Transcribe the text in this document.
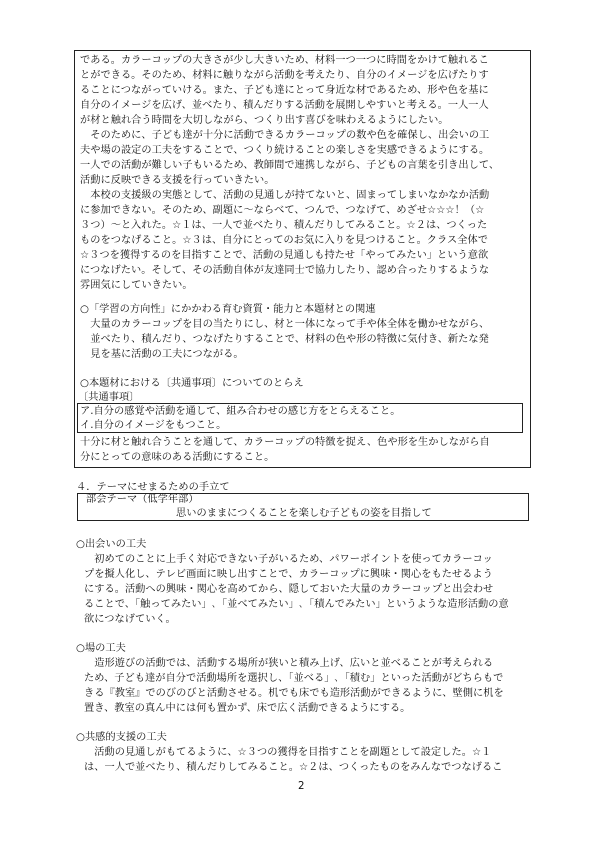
である。カラーコップの大きさが少し大きいため、材料一つ一つに時間をかけて触れるこ
とができる。そのため、材料に触りながら活動を考えたり、自分のイメージを広げたりす
ることにつながっていける。また、子ども達にとって身近な材であるため、形や色を基に
自分のイメージを広げ、並べたり、積んだりする活動を展開しやすいと考える。一人一人
が材と触れ合う時間を大切しながら、つくり出す喜びを味わえるようにしたい。
　そのために、子ども達が十分に活動できるカラーコップの数や色を確保し、出会いの工
夫や場の設定の工夫をすることで、つくり続けることの楽しさを実感できるようにする。
一人での活動が難しい子もいるため、教師間で連携しながら、子どもの言葉を引き出して、
活動に反映できる支援を行っていきたい。
　本校の支援級の実態として、活動の見通しが持てないと、固まってしまいなかなか活動
に参加できない。そのため、副題に～ならべて、つんで、つなげて、めざせ☆☆☆！（☆
３つ）～と入れた。☆１は、一人で並べたり、積んだりしてみること。☆２は、つくった
ものをつなげること。☆３は、自分にとってのお気に入りを見つけること。クラス全体で
☆３つを獲得するのを目指すことで、活動の見通しも持たせ「やってみたい」という意欲
につなげたい。そして、その活動自体が友達同士で協力したり、認め合ったりするような
雰囲気にしていきたい。
○「学習の方向性」にかかわる育む資質・能力と本題材との関連
　大量のカラーコップを目の当たりにし、材と一体になって手や体全体を働かせながら、
　並べたり、積んだり、つなげたりすることで、材料の色や形の特徴に気付き、新たな発
　見を基に活動の工夫につながる。
○本題材における〔共通事項〕についてのとらえ
〔共通事項〕
ア.自分の感覚や活動を通して、組み合わせの感じ方をとらえること。
イ.自分のイメージをもつこと。
十分に材と触れ合うことを通して、カラーコップの特徴を捉え、色や形を生かしながら自
分にとっての意味のある活動にすること。
４．テーマにせまるための手立て
部会テーマ（低学年部）
思いのままにつくることを楽しむ子どもの姿を目指して
○出会いの工夫
　初めてのことに上手く対応できない子がいるため、パワーポイントを使ってカラーコッ
プを擬人化し、テレビ画面に映し出すことで、カラーコップに興味・関心をもたせるよう
にする。活動への興味・関心を高めてから、隠しておいた大量のカラーコップと出会わせ
ることで、「触ってみたい」､「並べてみたい」､「積んでみたい」というような造形活動の意
欲につなげていく。
○場の工夫
　造形遊びの活動では、活動する場所が狭いと積み上げ、広いと並べることが考えられる
ため、子ども達が自分で活動場所を選択し、「並べる」､「積む」といった活動がどちらもで
きる『教室』でのびのびと活動させる。机でも床でも造形活動ができるように、壁側に机を
置き、教室の真ん中には何も置かず、床で広く活動できるようにする。
○共感的支援の工夫
　活動の見通しがもてるように、☆３つの獲得を目指すことを副題として設定した。☆１
は、一人で並べたり、積んだりしてみること。☆２は、つくったものをみんなでつなげるこ
2
